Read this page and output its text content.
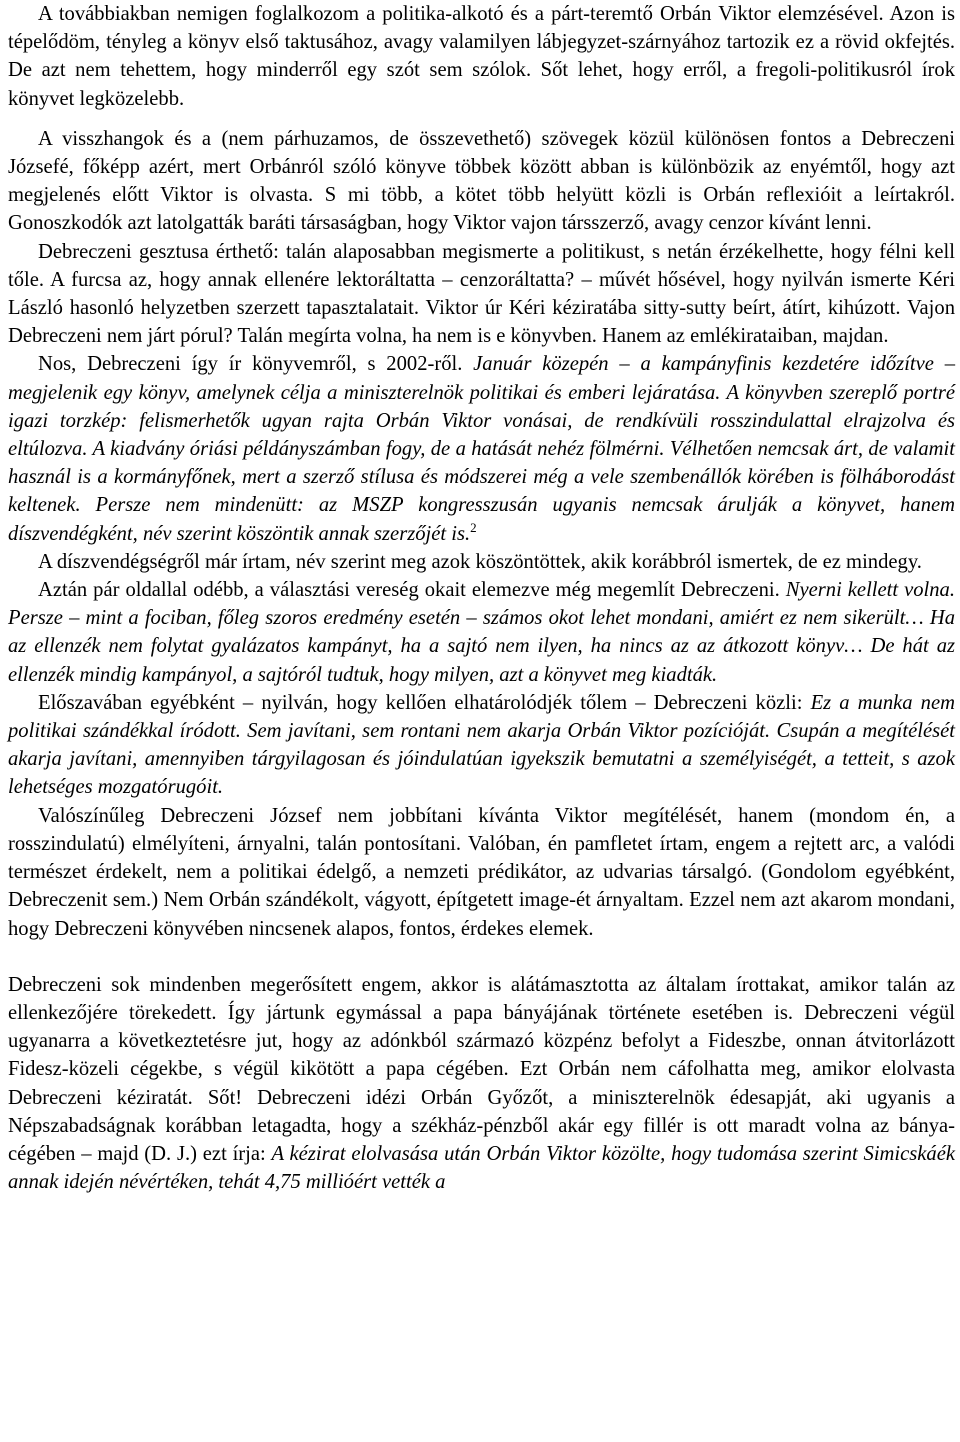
A továbbiakban nemigen foglalkozom a politika-alkotó és a párt-teremtő Orbán Viktor elemzésével. Azon is tépelődöm, tényleg a könyv első taktusához, avagy valamilyen lábjegyzet-szárnyához tartozik ez a rövid okfejtés. De azt nem tehettem, hogy minderről egy szót sem szólok. Sőt lehet, hogy erről, a fregoli-politikusról írok könyvet legközelebb.

A visszhangok és a (nem párhuzamos, de összevethető) szövegek közül különösen fontos a Debreczeni Józsefé, főképp azért, mert Orbánról szóló könyve többek között abban is különbözik az enyémtől, hogy azt megjelenés előtt Viktor is olvasta. S mi több, a kötet több helyütt közli is Orbán reflexióit a leírtakról. Gonoszkodók azt latolgatták baráti társaságban, hogy Viktor vajon társszerző, avagy cenzor kívánt lenni.

Debreczeni gesztusa érthető: talán alaposabban megismerte a politikust, s netán érzékelhette, hogy félni kell tőle. A furcsa az, hogy annak ellenére lektoráltatta – cenzoráltatta? – művét hősével, hogy nyilván ismerte Kéri László hasonló helyzetben szerzett tapasztalatait. Viktor úr Kéri kéziratába sitty-sutty beírt, átírt, kihúzott. Vajon Debreczeni nem járt pórul? Talán megírta volna, ha nem is e könyvben. Hanem az emlékirataiban, majdan.

Nos, Debreczeni így ír könyvemről, s 2002-ről. Január közepén – a kampányfinis kezdetére időzítve – megjelenik egy könyv, amelynek célja a miniszterelnök politikai és emberi lejáratása. A könyvben szereplő portré igazi torzkép: felismerhetők ugyan rajta Orbán Viktor vonásai, de rendkívüli rosszindulattal elrajzolva és eltúlozva. A kiadvány óriási példányszámban fogy, de a hatását nehéz fölmérni. Vélhetően nemcsak árt, de valamit használ is a kormányfőnek, mert a szerző stílusa és módszerei még a vele szembenállók körében is fölháborodást keltenek. Persze nem mindenütt: az MSZP kongresszusán ugyanis nemcsak árulják a könyvet, hanem díszvendégként, név szerint köszöntik annak szerzőjét is.$^2$

A díszvendégségről már írtam, név szerint meg azok köszöntöttek, akik korábbról ismertek, de ez mindegy.

Aztán pár oldallal odébb, a választási vereség okait elemezve még megemlít Debreczeni. Nyerni kellett volna. Persze – mint a fociban, főleg szoros eredmény esetén – számos okot lehet mondani, amiért ez nem sikerült… Ha az ellenzék nem folytat gyalázatos kampányt, ha a sajtó nem ilyen, ha nincs az az átkozott könyv… De hát az ellenzék mindig kampányol, a sajtóról tudtuk, hogy milyen, azt a könyvet meg kiadták.

Előszavában egyébként – nyilván, hogy kellően elhatárolódjék tőlem – Debreczeni közli: Ez a munka nem politikai szándékkal íródott. Sem javítani, sem rontani nem akarja Orbán Viktor pozícióját. Csupán a megítélését akarja javítani, amennyiben tárgyilagosan és jóindulatúan igyekszik bemutatni a személyiségét, a tetteit, s azok lehetséges mozgatórugóit.

Valószínűleg Debreczeni József nem jobbítani kívánta Viktor megítélését, hanem (mondom én, a rosszindulatú) elmélyíteni, árnyalni, talán pontosítani. Valóban, én pamfletet írtam, engem a rejtett arc, a valódi természet érdekelt, nem a politikai édelgő, a nemzeti prédikátor, az udvarias társalgó. (Gondolom egyébként, Debreczenit sem.) Nem Orbán szándékolt, vágyott, építgetett image-ét árnyaltam. Ezzel nem azt akarom mondani, hogy Debreczeni könyvében nincsenek alapos, fontos, érdekes elemek.

Debreczeni sok mindenben megerősített engem, akkor is alátámasztotta az általam írottakat, amikor talán az ellenkezőjére törekedett. Így jártunk egymással a papa bányájának története esetében is. Debreczeni végül ugyanarra a következtetésre jut, hogy az adónkból származó közpénz befolyt a Fideszbe, onnan átvitorlázott Fidesz-közeli cégekbe, s végül kikötött a papa cégében. Ezt Orbán nem cáfolhatta meg, amikor elolvasta Debreczeni kéziratát. Sőt! Debreczeni idézi Orbán Győzőt, a miniszterelnök édesapját, aki ugyanis a Népszabadságnak korábban letagadta, hogy a székház-pénzből akár egy fillér is ott maradt volna az bánya-cégében – majd (D. J.) ezt írja: A kézirat elolvasása után Orbán Viktor közölte, hogy tudomása szerint Simicskáék annak idején névértéken, tehát 4,75 millióért vették a
